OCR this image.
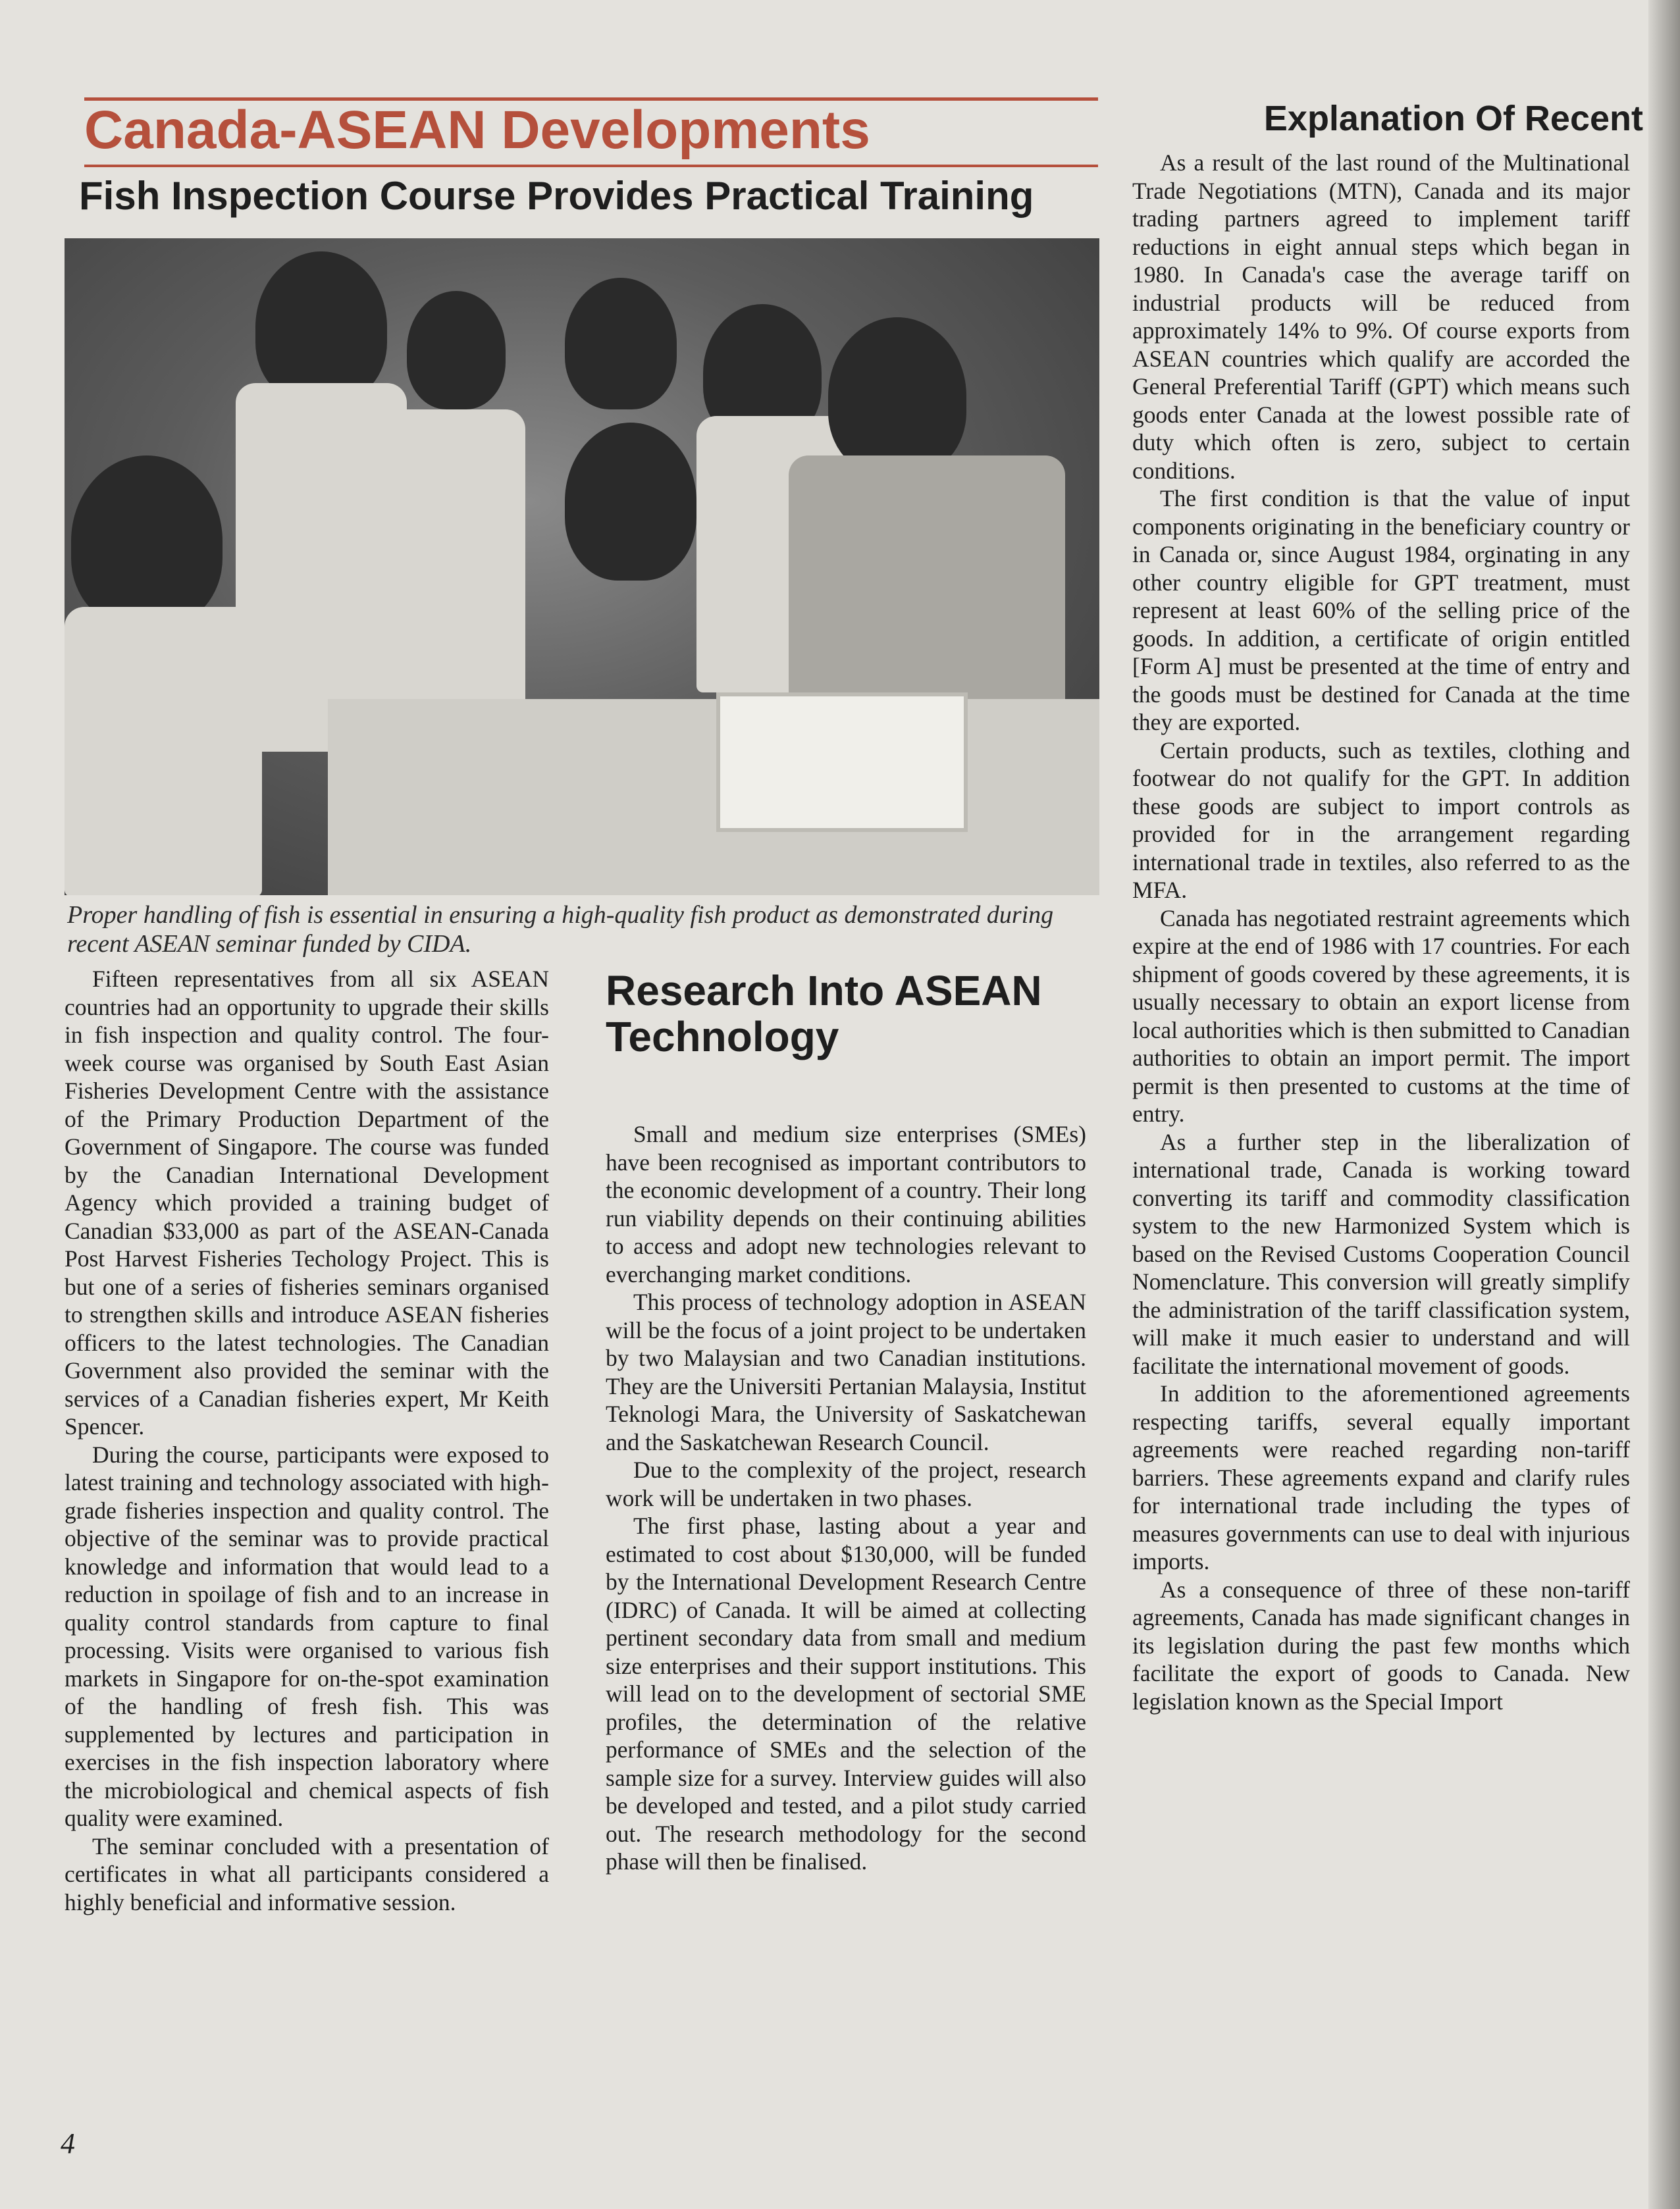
Canada-ASEAN Developments
Fish Inspection Course Provides Practical Training
Proper handling of fish is essential in ensuring a high-quality fish product as demonstrated during recent ASEAN seminar funded by CIDA.

Fifteen representatives from all six ASEAN countries had an opportunity to upgrade their skills in fish inspection and quality control. The four-week course was organised by South East Asian Fisheries Development Centre with the assistance of the Primary Production Department of the Government of Singapore. The course was funded by the Canadian International Development Agency which provided a training budget of Canadian $33,000 as part of the ASEAN-Canada Post Harvest Fisheries Techology Project. This is but one of a series of fisheries seminars organised to strengthen skills and introduce ASEAN fisheries officers to the latest technologies. The Canadian Government also provided the seminar with the services of a Canadian fisheries expert, Mr Keith Spencer.

During the course, participants were exposed to latest training and technology associated with high-grade fisheries inspection and quality control. The objective of the seminar was to provide practical knowledge and information that would lead to a reduction in spoilage of fish and to an increase in quality control standards from capture to final processing. Visits were organised to various fish markets in Singapore for on-the-spot examination of the handling of fresh fish. This was supplemented by lectures and participation in exercises in the fish inspection laboratory where the microbiological and chemical aspects of fish quality were examined.

The seminar concluded with a presentation of certificates in what all participants considered a highly beneficial and informative session.

Research Into ASEAN Technology

Small and medium size enterprises (SMEs) have been recognised as important contributors to the economic development of a country. Their long run viability depends on their continuing abilities to access and adopt new technologies relevant to everchanging market conditions.

This process of technology adoption in ASEAN will be the focus of a joint project to be undertaken by two Malaysian and two Canadian institutions. They are the Universiti Pertanian Malaysia, Institut Teknologi Mara, the University of Saskatchewan and the Saskatchewan Research Council.

Due to the complexity of the project, research work will be undertaken in two phases.

The first phase, lasting about a year and estimated to cost about $130,000, will be funded by the International Development Research Centre (IDRC) of Canada. It will be aimed at collecting pertinent secondary data from small and medium size enterprises and their support institutions. This will lead on to the development of sectorial SME profiles, the determination of the relative performance of SMEs and the selection of the sample size for a survey. Interview guides will also be developed and tested, and a pilot study carried out. The research methodology for the second phase will then be finalised.

Explanation Of Recent

As a result of the last round of the Multinational Trade Negotiations (MTN), Canada and its major trading partners agreed to implement tariff reductions in eight annual steps which began in 1980. In Canada's case the average tariff on industrial products will be reduced from approximately 14% to 9%. Of course exports from ASEAN countries which qualify are accorded the General Preferential Tariff (GPT) which means such goods enter Canada at the lowest possible rate of duty which often is zero, subject to certain conditions.

The first condition is that the value of input components originating in the beneficiary country or in Canada or, since August 1984, orginating in any other country eligible for GPT treatment, must represent at least 60% of the selling price of the goods. In addition, a certificate of origin entitled [Form A] must be presented at the time of entry and the goods must be destined for Canada at the time they are exported.

Certain products, such as textiles, clothing and footwear do not qualify for the GPT. In addition these goods are subject to import controls as provided for in the arrangement regarding international trade in textiles, also referred to as the MFA.

Canada has negotiated restraint agreements which expire at the end of 1986 with 17 countries. For each shipment of goods covered by these agreements, it is usually necessary to obtain an export license from local authorities which is then submitted to Canadian authorities to obtain an import permit. The import permit is then presented to customs at the time of entry.

As a further step in the liberalization of international trade, Canada is working toward converting its tariff and commodity classification system to the new Harmonized System which is based on the Revised Customs Cooperation Council Nomenclature. This conversion will greatly simplify the administration of the tariff classification system, will make it much easier to understand and will facilitate the international movement of goods.

In addition to the aforementioned agreements respecting tariffs, several equally important agreements were reached regarding non-tariff barriers. These agreements expand and clarify rules for international trade including the types of measures governments can use to deal with injurious imports.

As a consequence of three of these non-tariff agreements, Canada has made significant changes in its legislation during the past few months which facilitate the export of goods to Canada. New legislation known as the Special Import

4
